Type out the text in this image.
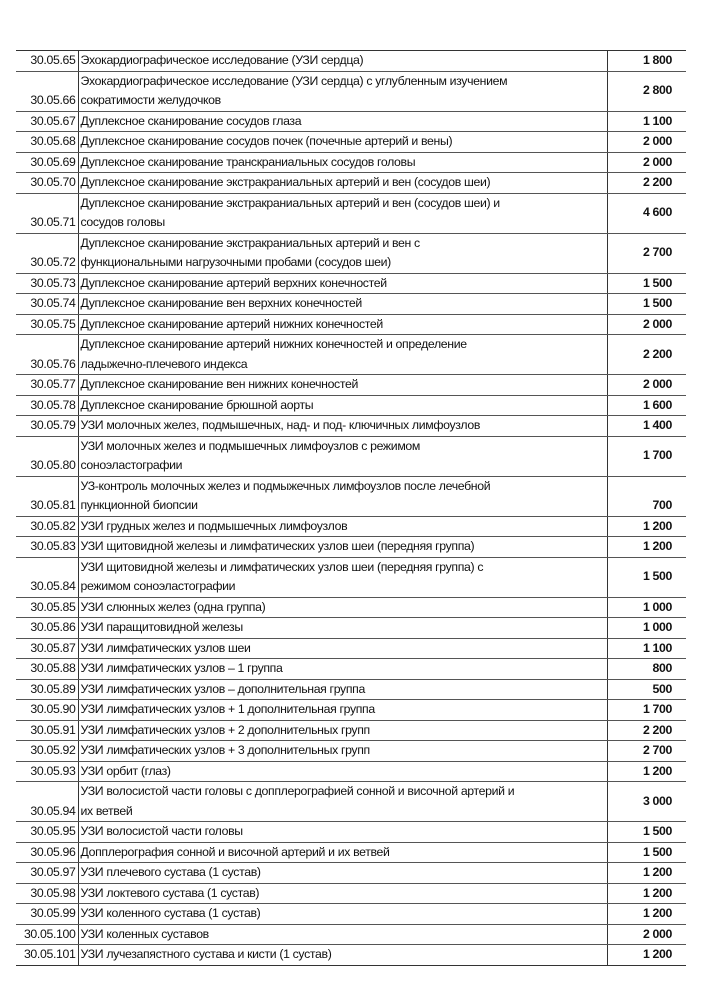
30.05.65	Эхокардиографическое исследование (УЗИ сердца)	1 800
30.05.66	Эхокардиографическое исследование (УЗИ сердца) с углубленным изучением
сократимости желудочков	2 800
30.05.67	Дуплексное сканирование сосудов глаза	1 100
30.05.68	Дуплексное сканирование сосудов почек (почечные артерий и вены)	2 000
30.05.69	Дуплексное сканирование транскраниальных сосудов головы	2 000
30.05.70	Дуплексное сканирование экстракраниальных артерий и вен (сосудов шеи)	2 200
30.05.71	Дуплексное сканирование экстракраниальных артерий и вен (сосудов шеи) и
сосудов головы	4 600
30.05.72	Дуплексное сканирование экстракраниальных артерий и вен с
функциональными нагрузочными пробами (сосудов шеи)	2 700
30.05.73	Дуплексное сканирование артерий верхних конечностей	1 500
30.05.74	Дуплексное сканирование вен верхних конечностей	1 500
30.05.75	Дуплексное сканирование артерий нижних конечностей	2 000
30.05.76	Дуплексное сканирование артерий нижних конечностей и определение
ладыжечно-плечевого индекса	2 200
30.05.77	Дуплексное сканирование вен нижних конечностей	2 000
30.05.78	Дуплексное сканирование брюшной аорты	1 600
30.05.79	УЗИ молочных желез, подмышечных, над- и под- ключичных лимфоузлов	1 400
30.05.80	УЗИ молочных желез и подмышечных лимфоузлов с режимом
соноэластографии	1 700
30.05.81	УЗ-контроль молочных желез и подмыжечных лимфоузлов после лечебной
пункционной биопсии	700
30.05.82	УЗИ грудных желез и подмышечных лимфоузлов	1 200
30.05.83	УЗИ щитовидной железы и лимфатических узлов шеи (передняя группа)	1 200
30.05.84	УЗИ щитовидной железы и лимфатических узлов шеи (передняя группа) с
режимом соноэластографии	1 500
30.05.85	УЗИ слюнных желез (одна группа)	1 000
30.05.86	УЗИ паращитовидной железы	1 000
30.05.87	УЗИ лимфатических узлов шеи	1 100
30.05.88	УЗИ лимфатических узлов – 1 группа	800
30.05.89	УЗИ лимфатических узлов – дополнительная группа	500
30.05.90	УЗИ лимфатических узлов + 1 дополнительная группа	1 700
30.05.91	УЗИ лимфатических узлов + 2 дополнительных групп	2 200
30.05.92	УЗИ лимфатических узлов + 3 дополнительных групп	2 700
30.05.93	УЗИ орбит (глаз)	1 200
30.05.94	УЗИ волосистой части головы с допплерографией сонной и височной артерий и
их ветвей	3 000
30.05.95	УЗИ волосистой части головы	1 500
30.05.96	Допплерография сонной и височной артерий и их ветвей	1 500
30.05.97	УЗИ плечевого сустава (1 сустав)	1 200
30.05.98	УЗИ локтевого сустава (1 сустав)	1 200
30.05.99	УЗИ коленного сустава (1 сустав)	1 200
30.05.100	УЗИ коленных суставов	2 000
30.05.101	УЗИ лучезапястного сустава и кисти (1 сустав)	1 200
